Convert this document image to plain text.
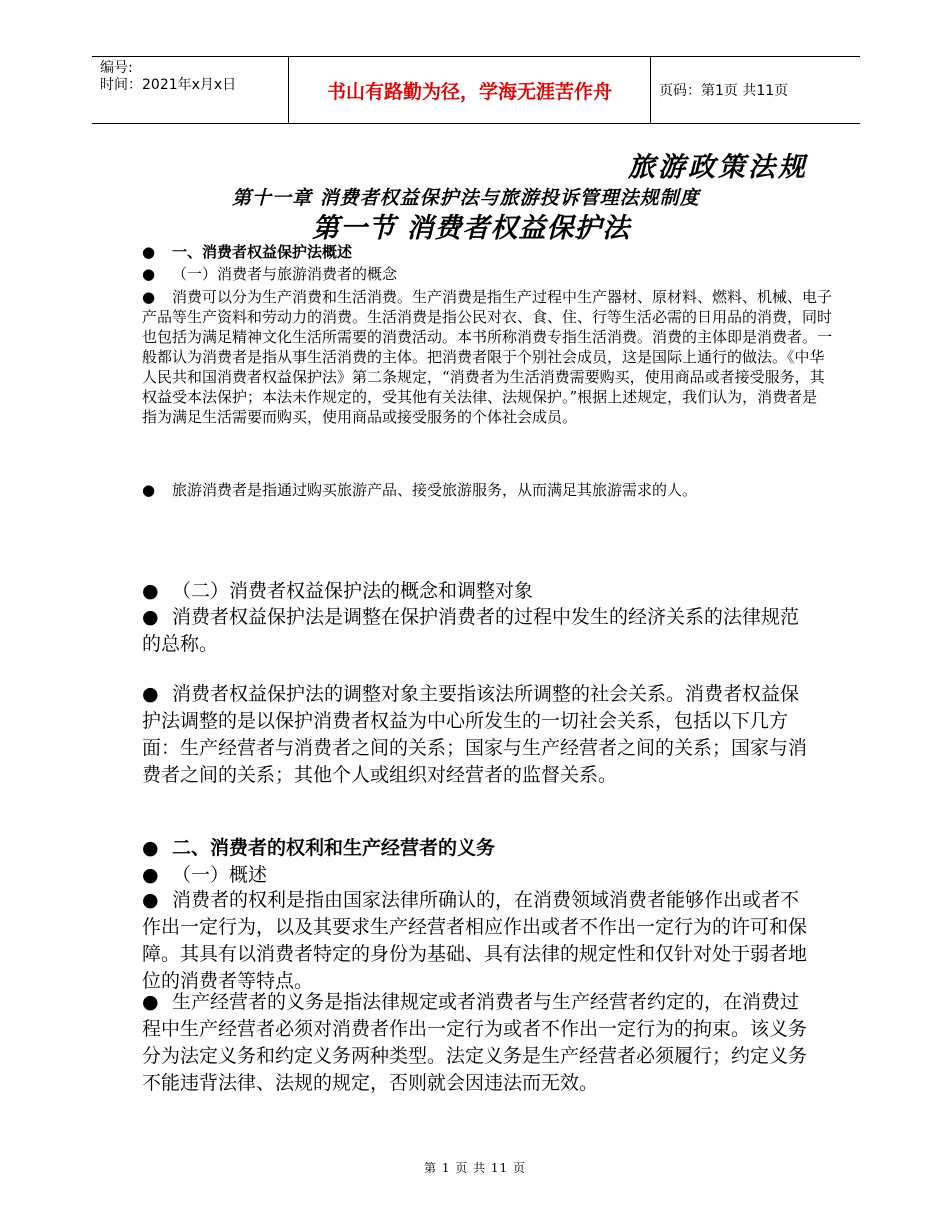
编号:
时间：2021年x月x日	书山有路勤为径，学海无涯苦作舟	页码：第1页 共11页
旅游政策法规
第十一章 消费者权益保护法与旅游投诉管理法规制度
第一节 消费者权益保护法

● 一、消费者权益保护法概述

● （一）消费者与旅游消费者的概念

● 消费可以分为生产消费和生活消费。生产消费是指生产过程中生产器材、原材料、燃料、机械、电子产品等生产资料和劳动力的消费。生活消费是指公民对衣、食、住、行等生活必需的日用品的消费，同时也包括为满足精神文化生活所需要的消费活动。本书所称消费专指生活消费。消费的主体即是消费者。一般都认为消费者是指从事生活消费的主体。把消费者限于个别社会成员，这是国际上通行的做法。《中华人民共和国消费者权益保护法》第二条规定，“消费者为生活消费需要购买，使用商品或者接受服务，其权益受本法保护；本法未作规定的，受其他有关法律、法规保护。”根据上述规定，我们认为，消费者是指为满足生活需要而购买，使用商品或接受服务的个体社会成员。

● 旅游消费者是指通过购买旅游产品、接受旅游服务，从而满足其旅游需求的人。

● （二）消费者权益保护法的概念和调整对象

● 消费者权益保护法是调整在保护消费者的过程中发生的经济关系的法律规范的总称。

● 消费者权益保护法的调整对象主要指该法所调整的社会关系。消费者权益保护法调整的是以保护消费者权益为中心所发生的一切社会关系，包括以下几方面：生产经营者与消费者之间的关系；国家与生产经营者之间的关系；国家与消费者之间的关系；其他个人或组织对经营者的监督关系。

● 二、消费者的权利和生产经营者的义务

● （一）概述

● 消费者的权利是指由国家法律所确认的，在消费领域消费者能够作出或者不作出一定行为，以及其要求生产经营者相应作出或者不作出一定行为的许可和保障。其具有以消费者特定的身份为基础、具有法律的规定性和仅针对处于弱者地位的消费者等特点。

● 生产经营者的义务是指法律规定或者消费者与生产经营者约定的，在消费过程中生产经营者必须对消费者作出一定行为或者不作出一定行为的拘束。该义务分为法定义务和约定义务两种类型。法定义务是生产经营者必须履行；约定义务不能违背法律、法规的规定，否则就会因违法而无效。

第 1 页 共 11 页
